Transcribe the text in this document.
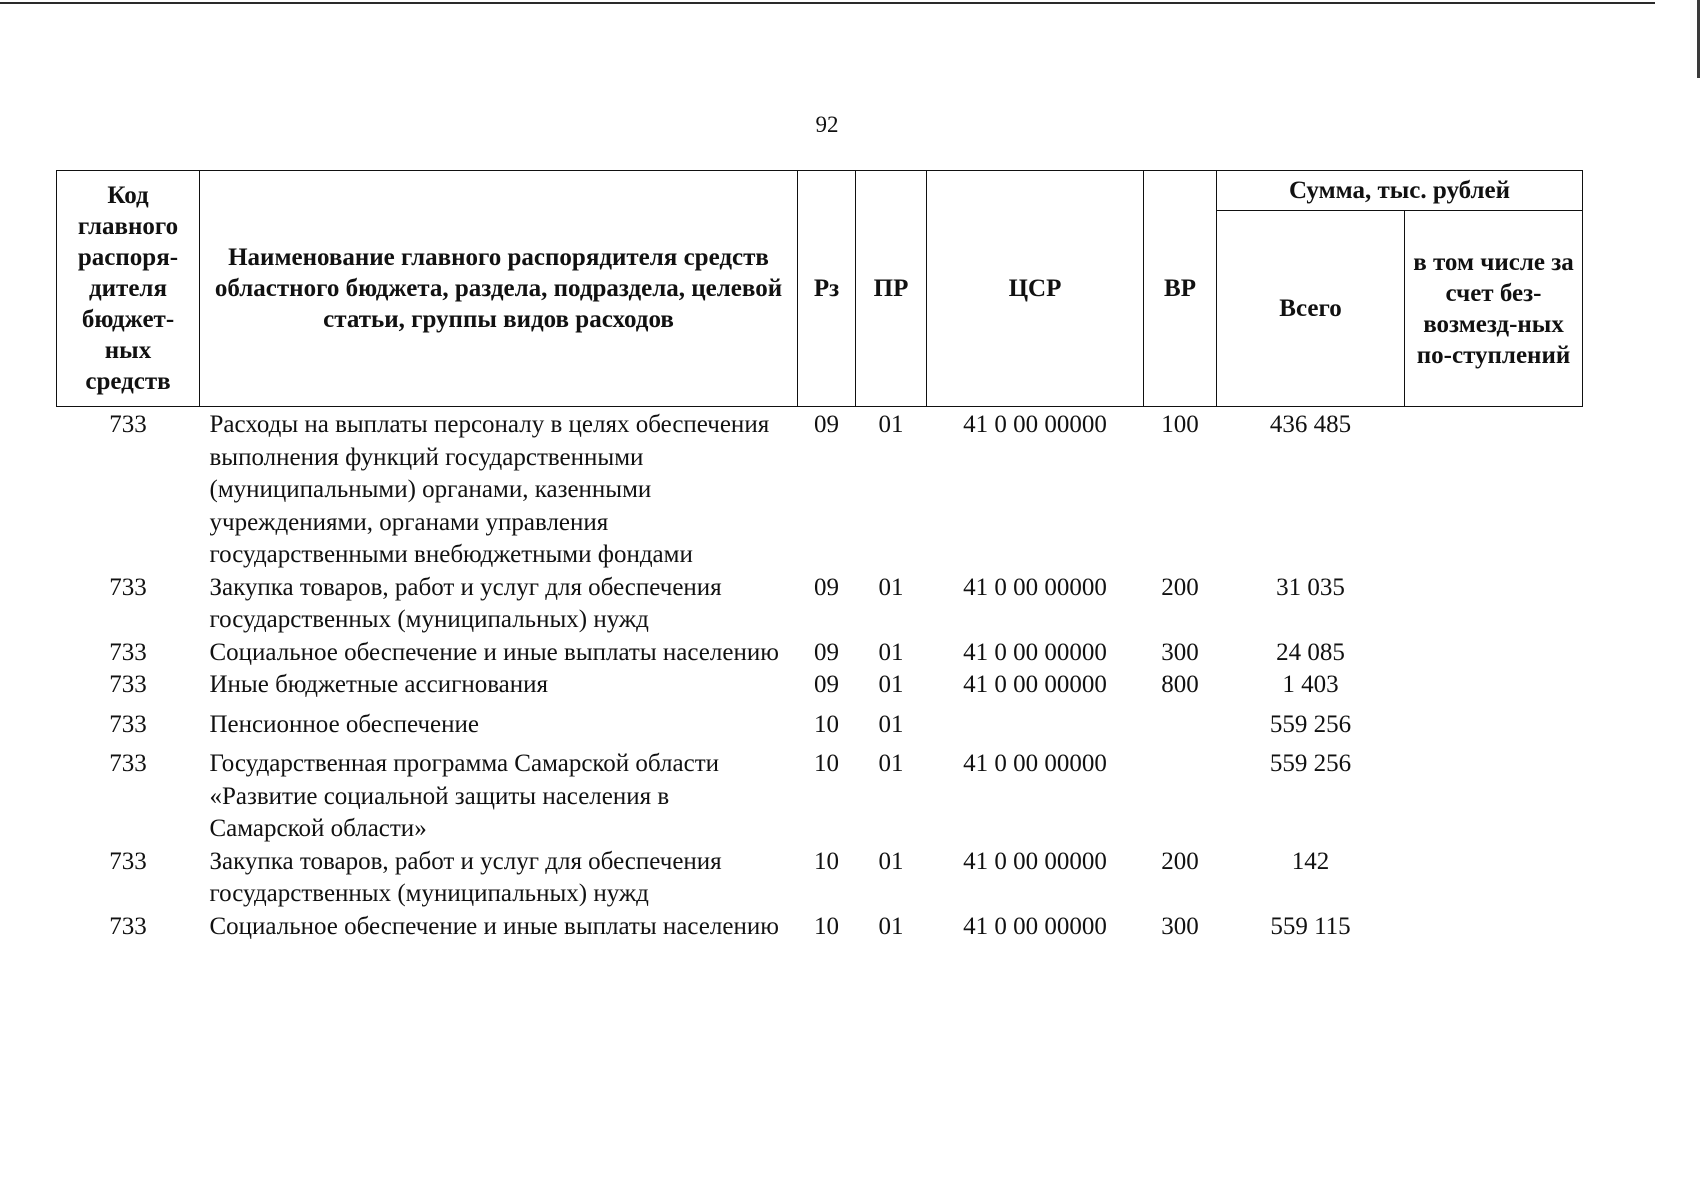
92
Код главного распоря-дителя бюджет-ных средств	Наименование главного распорядителя средств областного бюджета, раздела, подраздела, целевой статьи, группы видов расходов	Рз	ПР	ЦСР	ВР	Сумма, тыс. рублей	
						Всего	в том числе за счет без-возмезд-ных по-ступлений
733	Расходы на выплаты персоналу в целях обеспечения выполнения функций государственными (муниципальными) органами, казенными учреждениями, органами управления государственными внебюджетными фондами	09	01	41 0 00 00000	100	436 485	
733	Закупка товаров, работ и услуг для обеспечения государственных (муниципальных) нужд	09	01	41 0 00 00000	200	31 035	
733	Социальное обеспечение и иные выплаты населению	09	01	41 0 00 00000	300	24 085	
733	Иные бюджетные ассигнования	09	01	41 0 00 00000	800	1 403	
733	Пенсионное обеспечение	10	01			559 256	
733	Государственная программа Самарской области «Развитие социальной защиты населения в Самарской области»	10	01	41 0 00 00000		559 256	
733	Закупка товаров, работ и услуг для обеспечения государственных (муниципальных) нужд	10	01	41 0 00 00000	200	142	
733	Социальное обеспечение и иные выплаты населению	10	01	41 0 00 00000	300	559 115	
